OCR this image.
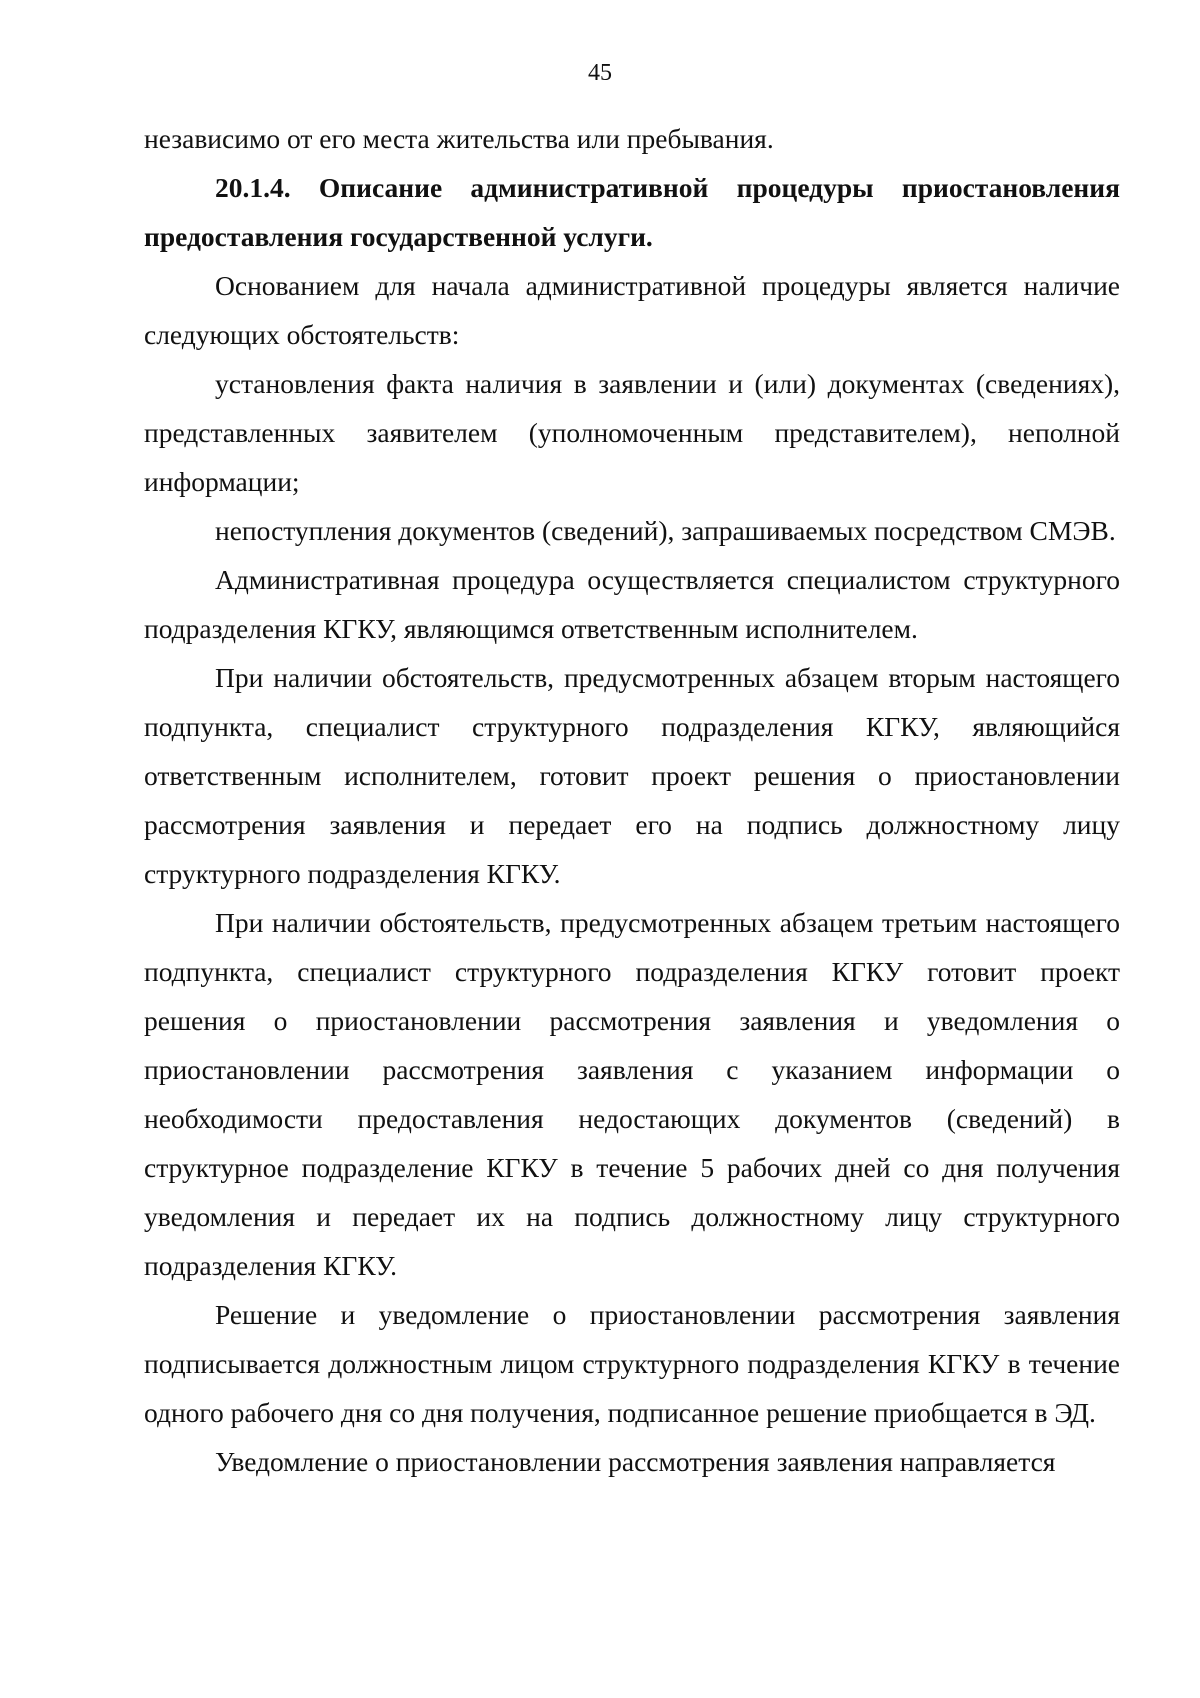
45

независимо от его места жительства или пребывания.

20.1.4. Описание административной процедуры приостановления предоставления государственной услуги.

Основанием для начала административной процедуры является наличие следующих обстоятельств:

установления факта наличия в заявлении и (или) документах (сведениях), представленных заявителем (уполномоченным представителем), неполной информации;

непоступления документов (сведений), запрашиваемых посредством СМЭВ.

Административная процедура осуществляется специалистом структурного подразделения КГКУ, являющимся ответственным исполнителем.

При наличии обстоятельств, предусмотренных абзацем вторым настоящего подпункта, специалист структурного подразделения КГКУ, являющийся ответственным исполнителем, готовит проект решения о приостановлении рассмотрения заявления и передает его на подпись должностному лицу структурного подразделения КГКУ.

При наличии обстоятельств, предусмотренных абзацем третьим настоящего подпункта, специалист структурного подразделения КГКУ готовит проект решения о приостановлении рассмотрения заявления и уведомления о приостановлении рассмотрения заявления с указанием информации о необходимости предоставления недостающих документов (сведений) в структурное подразделение КГКУ в течение 5 рабочих дней со дня получения уведомления и передает их на подпись должностному лицу структурного подразделения КГКУ.

Решение и уведомление о приостановлении рассмотрения заявления подписывается должностным лицом структурного подразделения КГКУ в течение одного рабочего дня со дня получения, подписанное решение приобщается в ЭД.

Уведомление о приостановлении рассмотрения заявления направляется
